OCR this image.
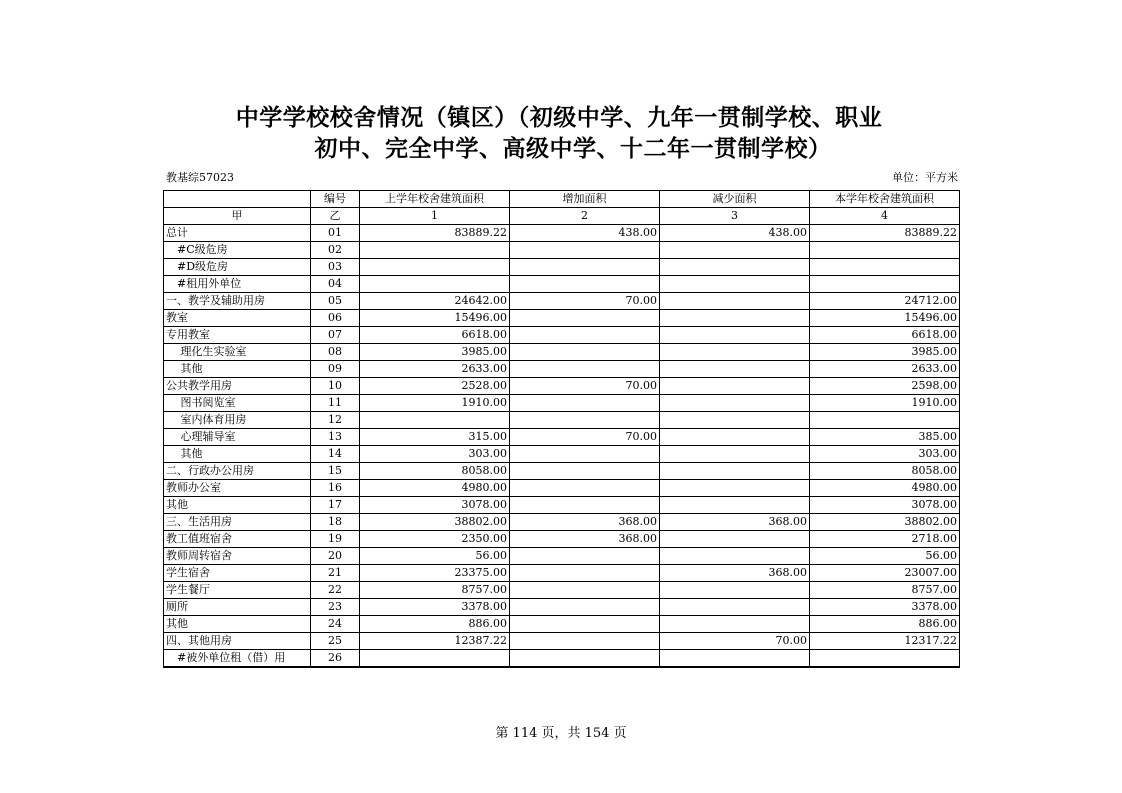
中学学校校舍情况（镇区）（初级中学、九年一贯制学校、职业
初中、完全中学、高级中学、十二年一贯制学校）
教基综57023	单位：平方米
	编号	上学年校舍建筑面积	增加面积	减少面积	本学年校舍建筑面积
甲	乙	1	2	3	4
总计	01	83889.22	438.00	438.00	83889.22
　#C级危房	02				
　#D级危房	03				
　#租用外单位	04				
一、教学及辅助用房	05	24642.00	70.00		24712.00
教室	06	15496.00			15496.00
专用教室	07	6618.00			6618.00
　 理化生实验室	08	3985.00			3985.00
　 其他	09	2633.00			2633.00
公共教学用房	10	2528.00	70.00		2598.00
　 图书阅览室	11	1910.00			1910.00
　 室内体育用房	12				
　 心理辅导室	13	315.00	70.00		385.00
　 其他	14	303.00			303.00
二、行政办公用房	15	8058.00			8058.00
教师办公室	16	4980.00			4980.00
其他	17	3078.00			3078.00
三、生活用房	18	38802.00	368.00	368.00	38802.00
教工值班宿舍	19	2350.00	368.00		2718.00
教师周转宿舍	20	56.00			56.00
学生宿舍	21	23375.00		368.00	23007.00
学生餐厅	22	8757.00			8757.00
厕所	23	3378.00			3378.00
其他	24	886.00			886.00
四、其他用房	25	12387.22		70.00	12317.22
　#被外单位租（借）用	26				
第 114 页，共 154 页
